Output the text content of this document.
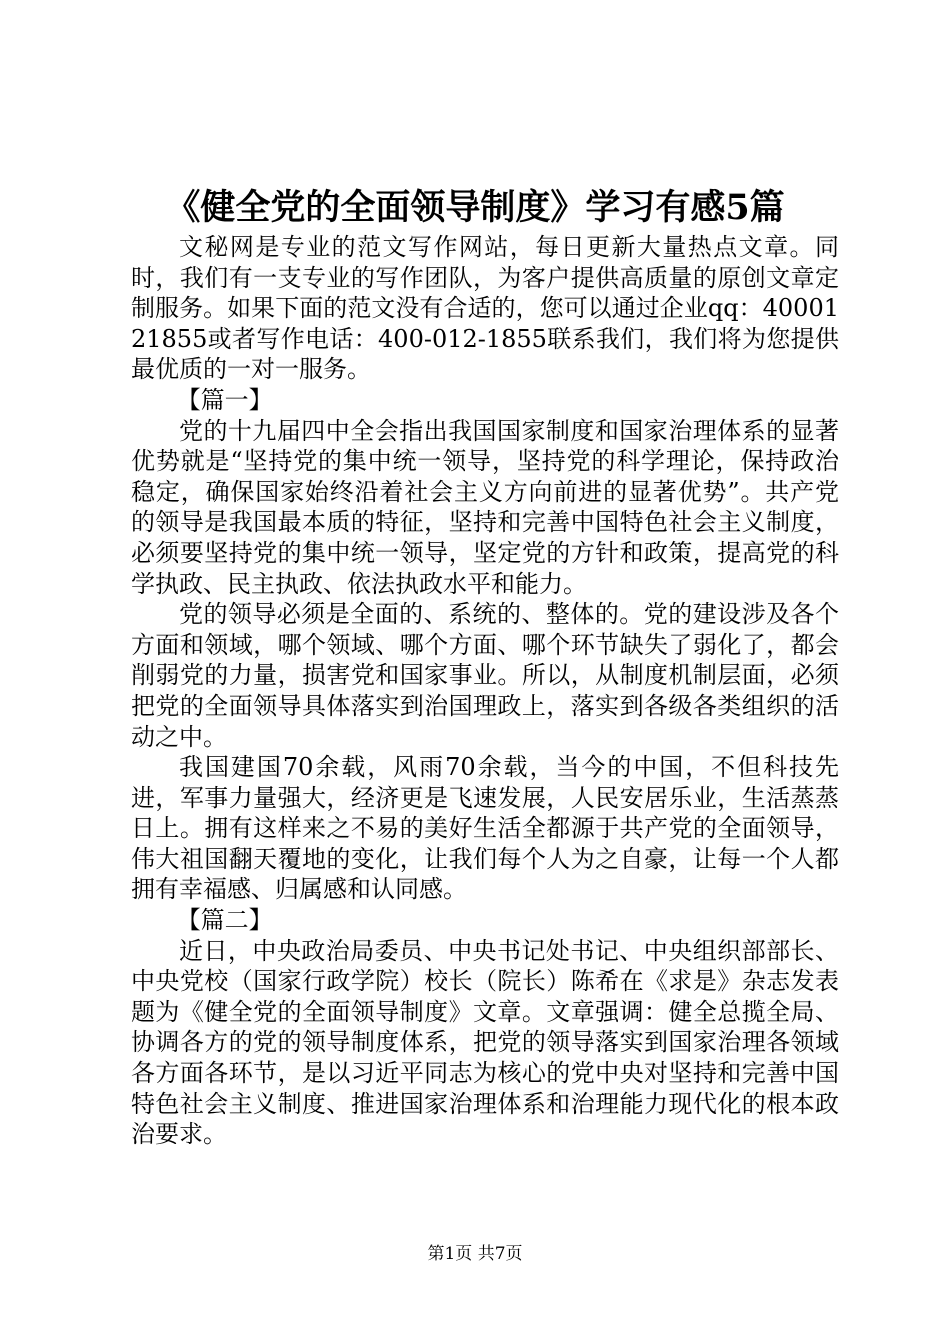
《健全党的全面领导制度》学习有感5篇

文秘网是专业的范文写作网站，每日更新大量热点文章。同时，我们有一支专业的写作团队，为客户提供高质量的原创文章定制服务。如果下面的范文没有合适的，您可以通过企业qq：4000121855或者写作电话：400-012-1855联系我们，我们将为您提供最优质的一对一服务。

【篇一】

党的十九届四中全会指出我国国家制度和国家治理体系的显著优势就是“坚持党的集中统一领导，坚持党的科学理论，保持政治稳定，确保国家始终沿着社会主义方向前进的显著优势”。共产党的领导是我国最本质的特征，坚持和完善中国特色社会主义制度，必须要坚持党的集中统一领导，坚定党的方针和政策，提高党的科学执政、民主执政、依法执政水平和能力。

党的领导必须是全面的、系统的、整体的。党的建设涉及各个方面和领域，哪个领域、哪个方面、哪个环节缺失了弱化了，都会削弱党的力量，损害党和国家事业。所以，从制度机制层面，必须把党的全面领导具体落实到治国理政上，落实到各级各类组织的活动之中。

我国建国70余载，风雨70余载，当今的中国，不但科技先进，军事力量强大，经济更是飞速发展，人民安居乐业，生活蒸蒸日上。拥有这样来之不易的美好生活全都源于共产党的全面领导，伟大祖国翻天覆地的变化，让我们每个人为之自豪，让每一个人都拥有幸福感、归属感和认同感。

【篇二】

近日，中央政治局委员、中央书记处书记、中央组织部部长、中央党校（国家行政学院）校长（院长）陈希在《求是》杂志发表题为《健全党的全面领导制度》文章。文章强调：健全总揽全局、协调各方的党的领导制度体系，把党的领导落实到国家治理各领域各方面各环节，是以习近平同志为核心的党中央对坚持和完善中国特色社会主义制度、推进国家治理体系和治理能力现代化的根本政治要求。

第1页 共7页
